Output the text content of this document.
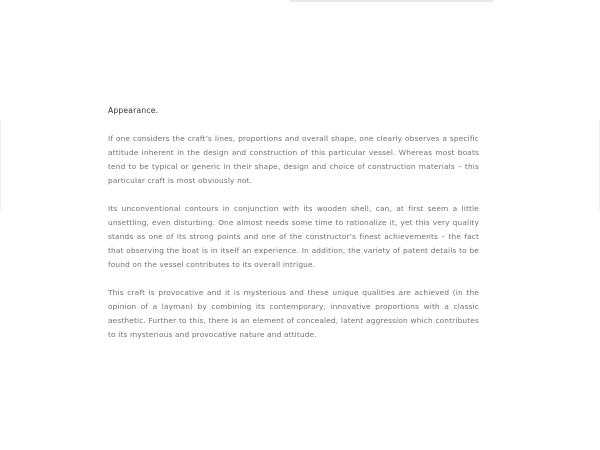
Appearance.

If one considers the craft’s lines, proportions and overall shape, one clearly observes a specific attitude inherent in the design and construction of this particular vessel. Whereas most boats tend to be typical or generic in their shape, design and choice of construction materials – this particular craft is most obviously not.

Its unconventional contours in conjunction with its wooden shell, can, at first seem a little unsettling, even disturbing. One almost needs some time to rationalize it, yet this very quality stands as one of its strong points and one of the constructor’s finest achievements – the fact that observing the boat is in itself an experience. In addition, the variety of patent details to be found on the vessel contributes to its overall intrigue.

This craft is provocative and it is mysterious and these unique qualities are achieved (in the opinion of a layman) by combining its contemporary, innovative proportions with a classic aesthetic. Further to this, there is an element of concealed, latent aggression which contributes to its mysterious and provocative nature and attitude.
